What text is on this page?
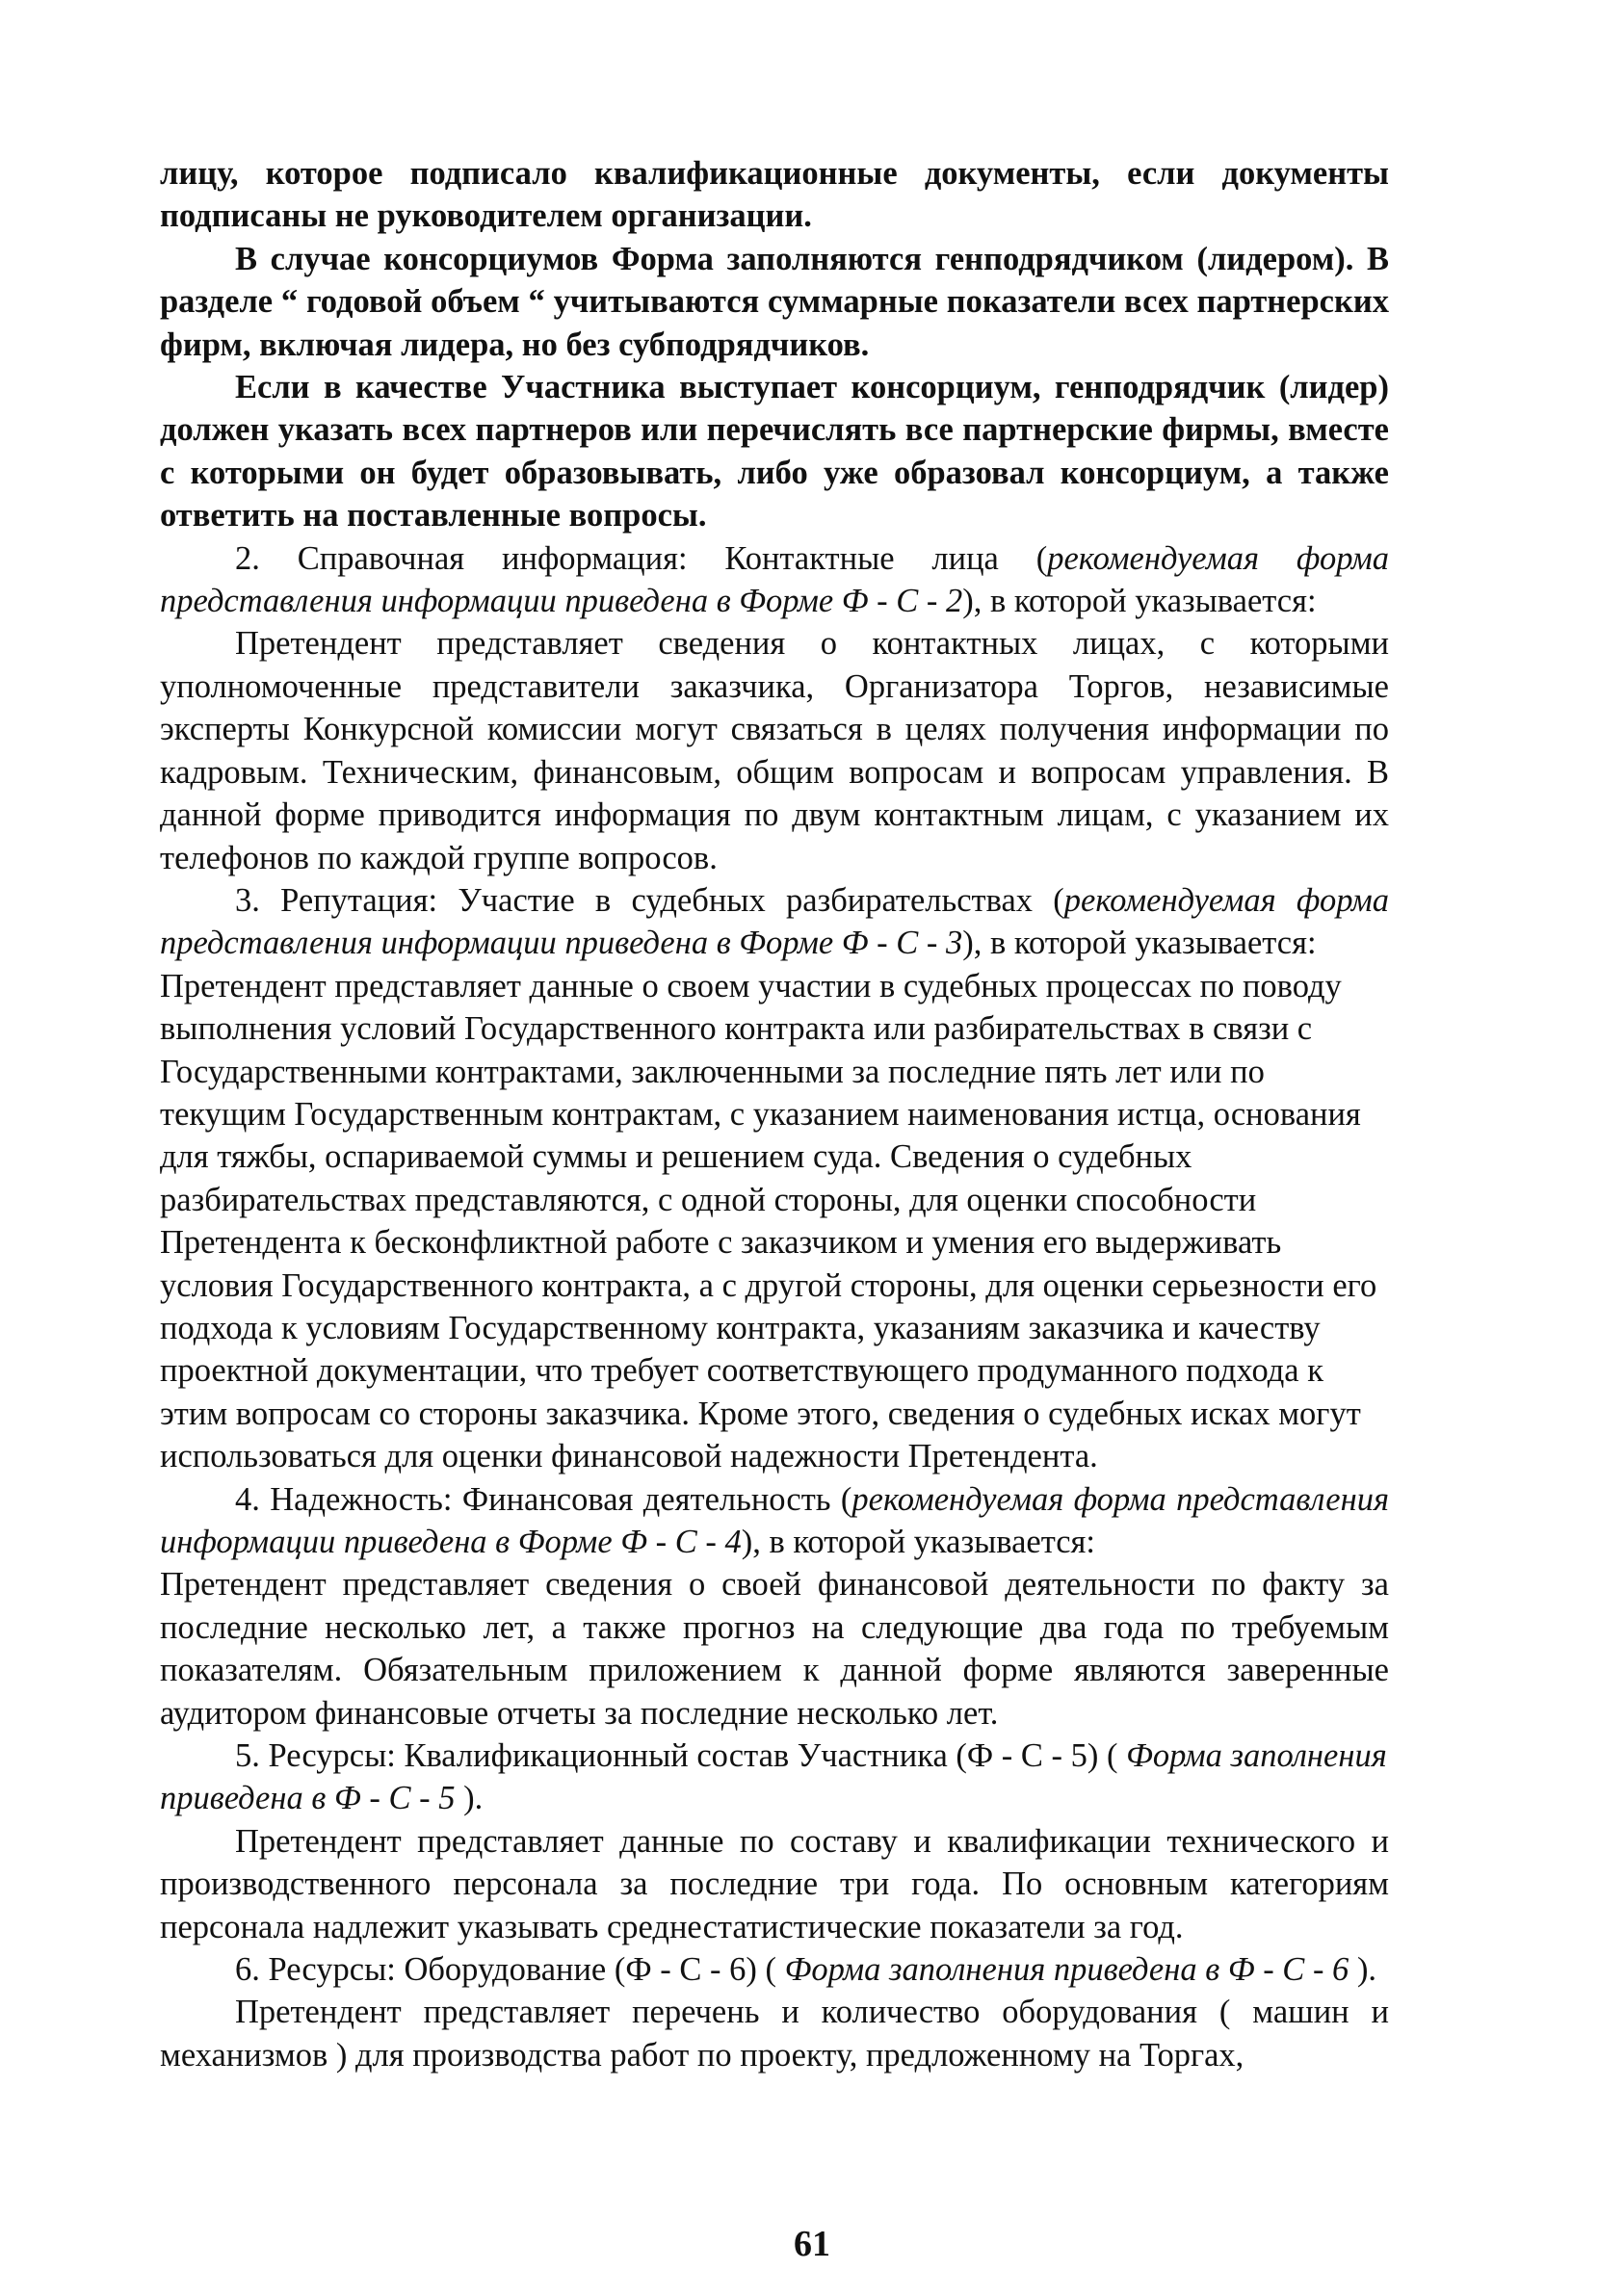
лицу, которое подписало квалификационные документы, если документы подписаны не руководителем организации.

В случае консорциумов Форма заполняются генподрядчиком (лидером). В разделе “ годовой объем “ учитываются суммарные показатели всех партнерских фирм, включая лидера, но без субподрядчиков.

Если в качестве Участника выступает консорциум, генподрядчик (лидер) должен указать всех партнеров или перечислять все партнерские фирмы, вместе с которыми он будет образовывать, либо уже образовал консорциум, а также ответить на поставленные вопросы.

2. Справочная информация: Контактные лица (рекомендуемая форма представления информации приведена в Форме Ф - С - 2), в которой указывается:

Претендент представляет сведения о контактных лицах, с которыми уполномоченные представители заказчика, Организатора Торгов, независимые эксперты Конкурсной комиссии могут связаться в целях получения информации по кадровым. Техническим, финансовым, общим вопросам и вопросам управления. В данной форме приводится информация по двум контактным лицам, с указанием их телефонов по каждой группе вопросов.

3. Репутация: Участие в судебных разбирательствах (рекомендуемая форма представления информации приведена в Форме Ф - С - 3), в которой указывается:

Претендент представляет данные о своем участии в судебных процессах по поводу выполнения условий Государственного контракта или разбирательствах в связи с Государственными контрактами, заключенными за последние пять лет или по текущим Государственным контрактам, с указанием наименования истца, основания для тяжбы, оспариваемой суммы и решением суда. Сведения о судебных разбирательствах представляются, с одной стороны, для оценки способности Претендента к бесконфликтной работе с заказчиком и умения его выдерживать условия Государственного контракта, а с другой стороны, для оценки серьезности его подхода к условиям Государственному контракта, указаниям заказчика и качеству проектной документации, что требует соответствующего продуманного подхода к этим вопросам со стороны заказчика. Кроме этого, сведения о судебных исках могут использоваться для оценки финансовой надежности Претендента.

4. Надежность: Финансовая деятельность (рекомендуемая форма представления информации приведена в Форме Ф - С - 4), в которой указывается:

Претендент представляет сведения о своей финансовой деятельности по факту за последние несколько лет, а также прогноз на следующие два года по требуемым показателям. Обязательным приложением к данной форме являются заверенные аудитором финансовые отчеты за последние несколько лет.

5. Ресурсы: Квалификационный состав Участника (Ф - С - 5) ( Форма заполнения приведена в Ф - С - 5 ).

Претендент представляет данные по составу и квалификации технического и производственного персонала за последние три года. По основным категориям персонала надлежит указывать среднестатистические показатели за год.

6. Ресурсы: Оборудование (Ф - С - 6) ( Форма заполнения приведена в Ф - С - 6 ).

Претендент представляет перечень и количество оборудования ( машин и механизмов ) для производства работ по проекту, предложенному на Торгах,

61
